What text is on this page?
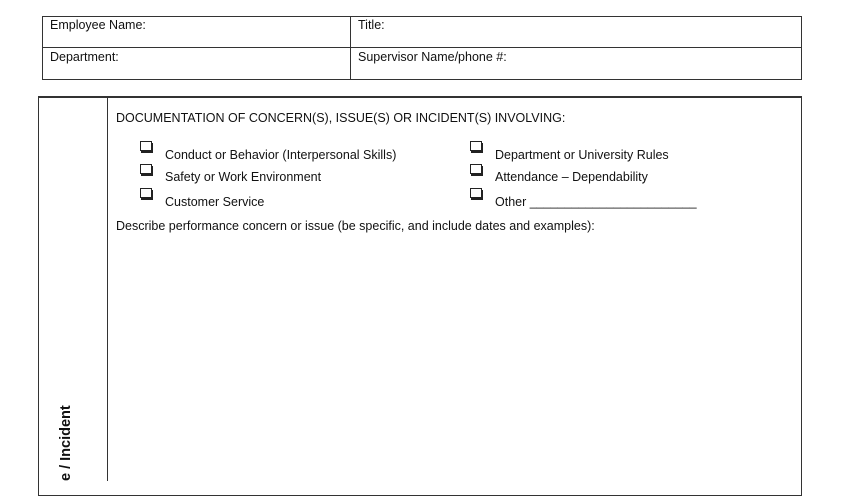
Employee Name:	Title:
Department:	Supervisor Name/phone #:
e / Incident
DOCUMENTATION OF CONCERN(S), ISSUE(S) OR INCIDENT(S) INVOLVING:
Conduct or Behavior (Interpersonal Skills)
Safety or Work Environment
Customer Service
Department or University Rules
Attendance – Dependability
Other ________________________
Describe performance concern or issue (be specific, and include dates and examples):
